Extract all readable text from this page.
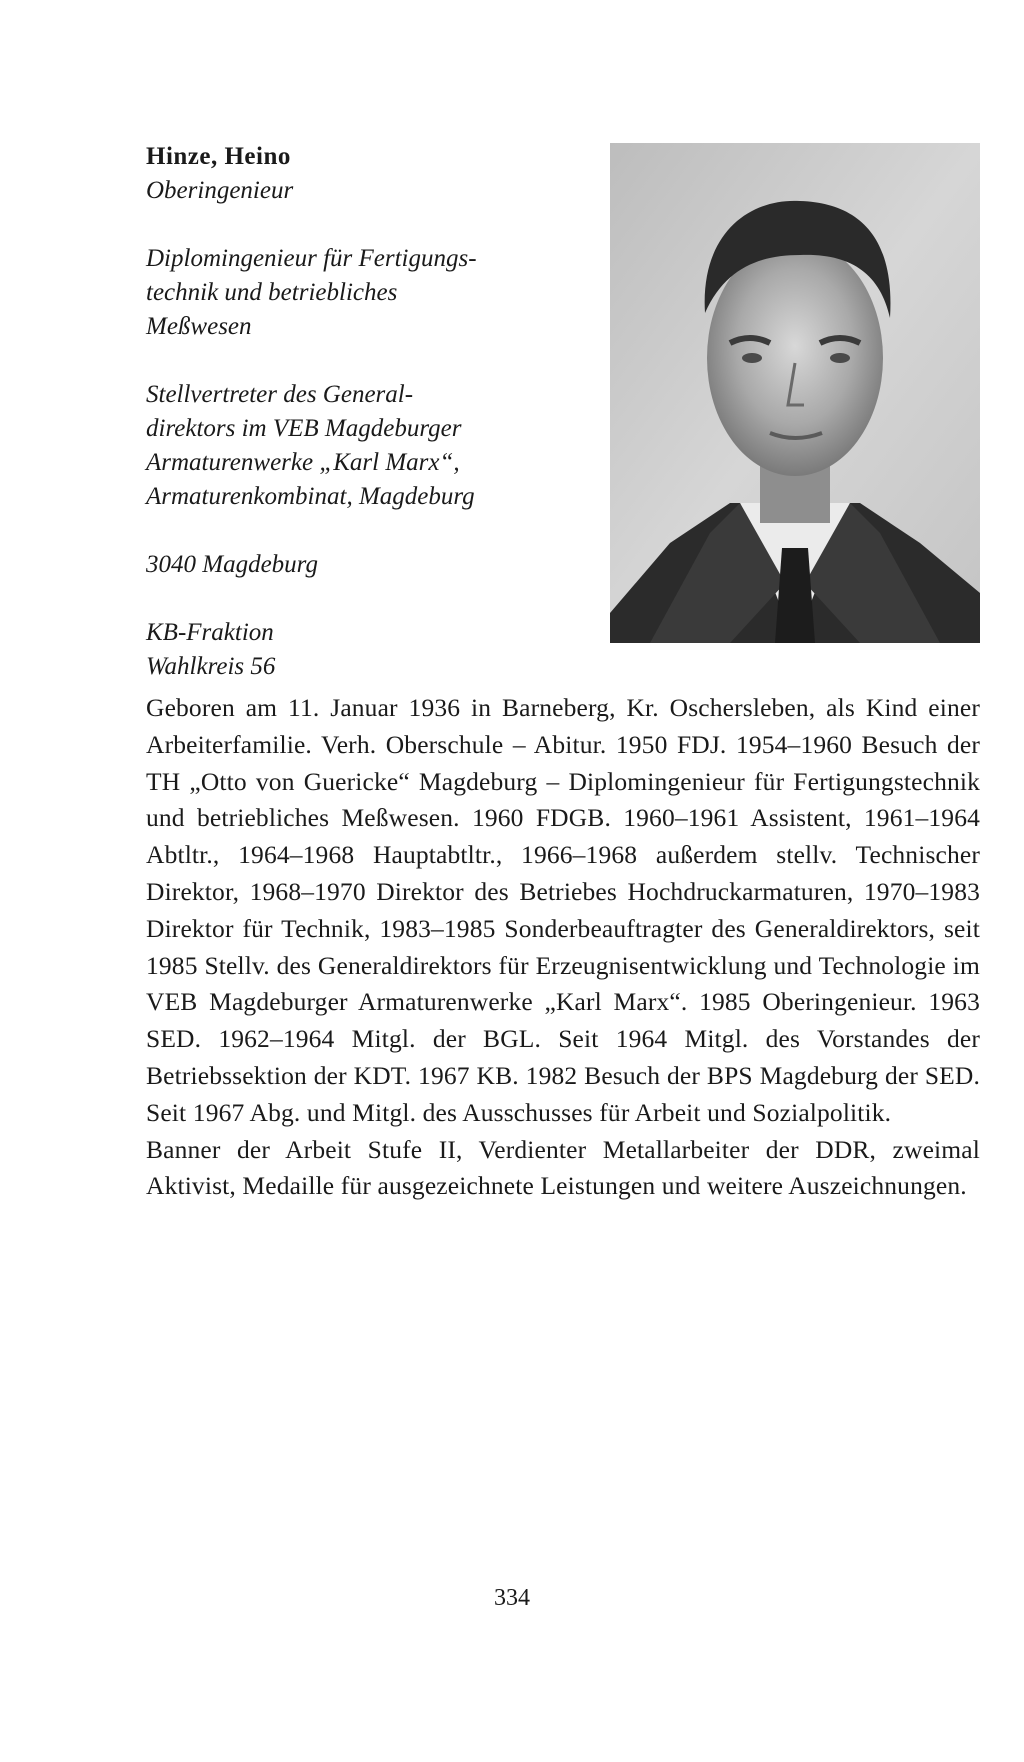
Hinze, Heino
Oberingenieur
Diplomingenieur für Fertigungs-
technik und betriebliches
Meßwesen
Stellvertreter des General-
direktors im VEB Magdeburger
Armaturenwerke „Karl Marx“,
Armaturenkombinat, Magdeburg
3040 Magdeburg
KB-Fraktion
Wahlkreis 56

Geboren am 11. Januar 1936 in Barneberg, Kr. Oschersleben, als Kind einer Arbeiterfamilie. Verh. Oberschule – Abitur. 1950 FDJ. 1954–1960 Besuch der TH „Otto von Guericke“ Magdeburg – Diplomingenieur für Fertigungstechnik und betriebliches Meßwesen. 1960 FDGB. 1960–1961 Assistent, 1961–1964 Abtltr., 1964–1968 Hauptabtltr., 1966–1968 außerdem stellv. Technischer Direktor, 1968–1970 Direktor des Betriebes Hochdruckarmaturen, 1970–1983 Direktor für Technik, 1983–1985 Sonderbeauftragter des Generaldirektors, seit 1985 Stellv. des Generaldirektors für Erzeugnisentwicklung und Technologie im VEB Magdeburger Armaturenwerke „Karl Marx“. 1985 Oberingenieur. 1963 SED. 1962–1964 Mitgl. der BGL. Seit 1964 Mitgl. des Vorstandes der Betriebssektion der KDT. 1967 KB. 1982 Besuch der BPS Magdeburg der SED. Seit 1967 Abg. und Mitgl. des Ausschusses für Arbeit und Sozialpolitik.

Banner der Arbeit Stufe II, Verdienter Metallarbeiter der DDR, zweimal Aktivist, Medaille für ausgezeichnete Leistungen und weitere Auszeichnungen.

334
